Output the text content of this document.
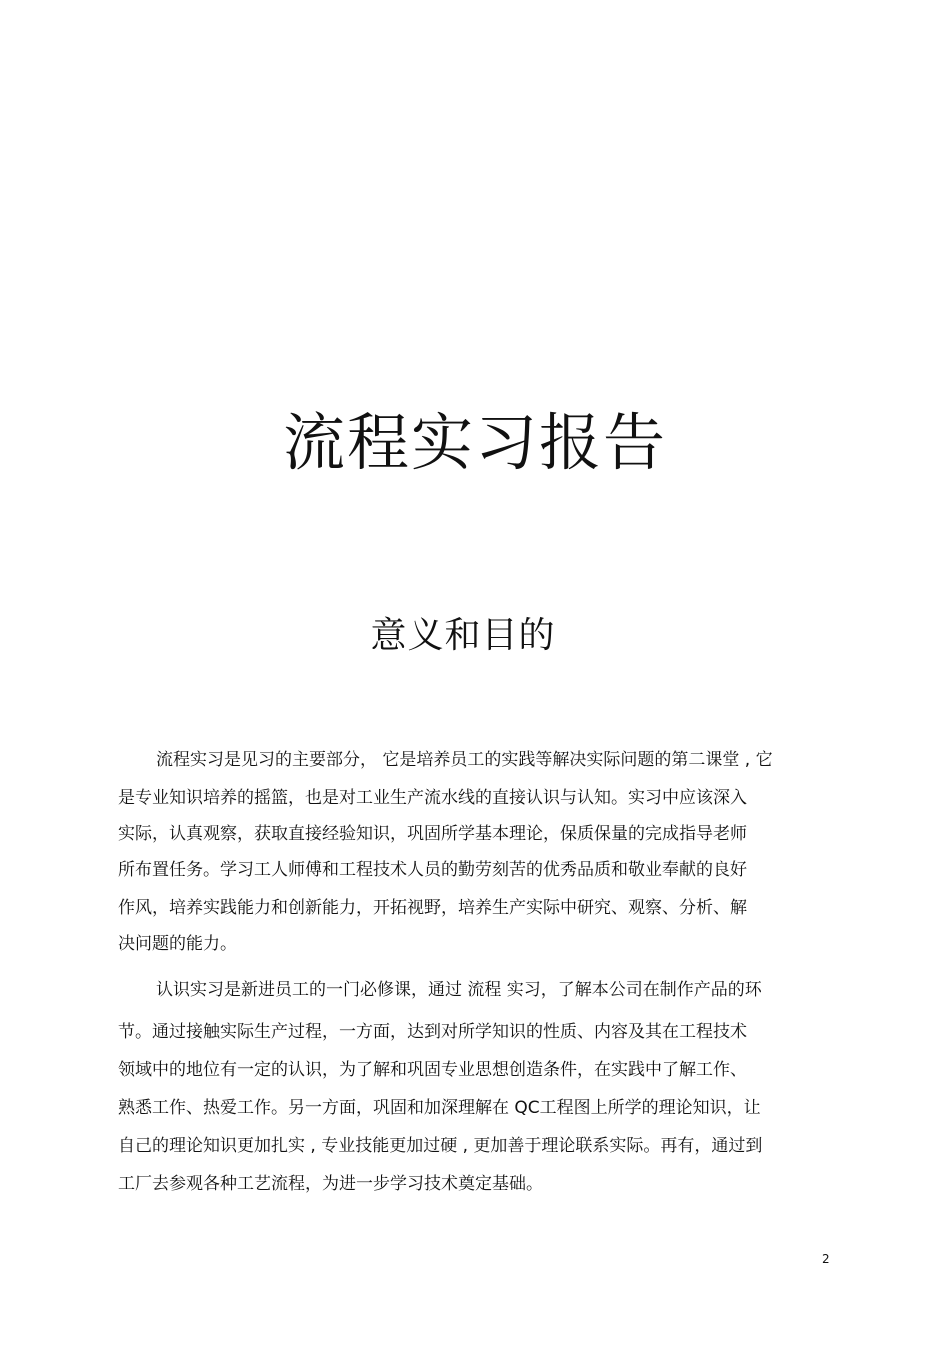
流程实习报告
意义和目的
流程实习是见习的主要部分， 它是培养员工的实践等解决实际问题的第二课堂 , 它
是专业知识培养的摇篮，也是对工业生产流水线的直接认识与认知。实习中应该深入
实际，认真观察，获取直接经验知识，巩固所学基本理论，保质保量的完成指导老师
所布置任务。学习工人师傅和工程技术人员的勤劳刻苦的优秀品质和敬业奉献的良好
作风，培养实践能力和创新能力，开拓视野，培养生产实际中研究、观察、分析、解
决问题的能力。
认识实习是新进员工的一门必修课，通过 流程 实习，了解本公司在制作产品的环
节。通过接触实际生产过程，一方面，达到对所学知识的性质、内容及其在工程技术
领域中的地位有一定的认识，为了解和巩固专业思想创造条件，在实践中了解工作、
熟悉工作、热爱工作。另一方面，巩固和加深理解在 QC工程图上所学的理论知识，让
自己的理论知识更加扎实 , 专业技能更加过硬 , 更加善于理论联系实际。再有，通过到
工厂去参观各种工艺流程，为进一步学习技术奠定基础。
2
